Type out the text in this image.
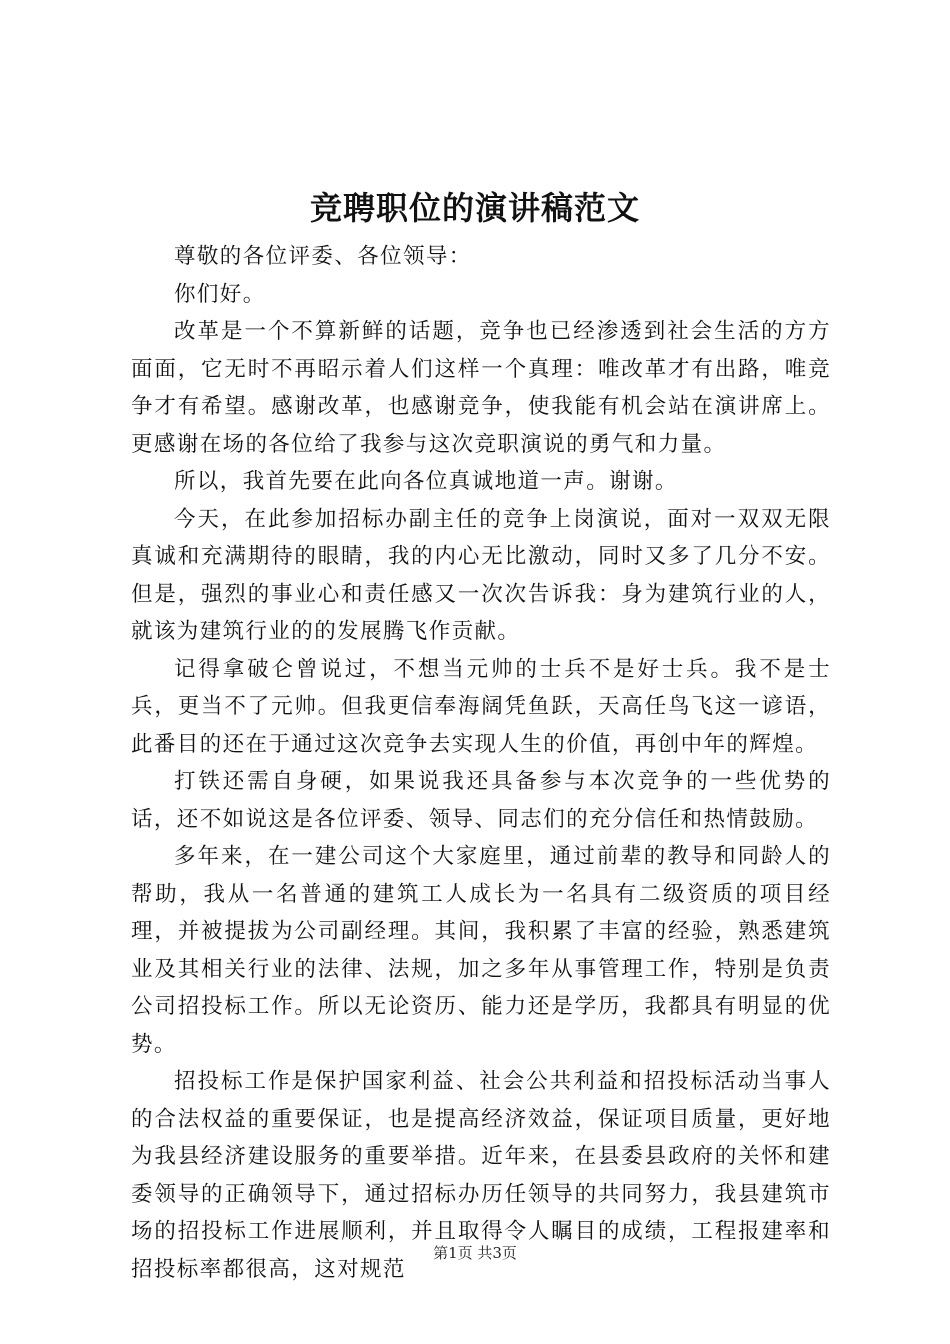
竞聘职位的演讲稿范文

尊敬的各位评委、各位领导：

你们好。

改革是一个不算新鲜的话题，竞争也已经渗透到社会生活的方方面面，它无时不再昭示着人们这样一个真理：唯改革才有出路，唯竞争才有希望。感谢改革，也感谢竞争，使我能有机会站在演讲席上。更感谢在场的各位给了我参与这次竞职演说的勇气和力量。

所以，我首先要在此向各位真诚地道一声。谢谢。

今天，在此参加招标办副主任的竞争上岗演说，面对一双双无限真诚和充满期待的眼睛，我的内心无比激动，同时又多了几分不安。但是，强烈的事业心和责任感又一次次告诉我：身为建筑行业的人，就该为建筑行业的的发展腾飞作贡献。

记得拿破仑曾说过，不想当元帅的士兵不是好士兵。我不是士兵，更当不了元帅。但我更信奉海阔凭鱼跃，天高任鸟飞这一谚语，此番目的还在于通过这次竞争去实现人生的价值，再创中年的辉煌。

打铁还需自身硬，如果说我还具备参与本次竞争的一些优势的话，还不如说这是各位评委、领导、同志们的充分信任和热情鼓励。

多年来，在一建公司这个大家庭里，通过前辈的教导和同龄人的帮助，我从一名普通的建筑工人成长为一名具有二级资质的项目经理，并被提拔为公司副经理。其间，我积累了丰富的经验，熟悉建筑业及其相关行业的法律、法规，加之多年从事管理工作，特别是负责公司招投标工作。所以无论资历、能力还是学历，我都具有明显的优势。

招投标工作是保护国家利益、社会公共利益和招投标活动当事人的合法权益的重要保证，也是提高经济效益，保证项目质量，更好地为我县经济建设服务的重要举措。近年来，在县委县政府的关怀和建委领导的正确领导下，通过招标办历任领导的共同努力，我县建筑市场的招投标工作进展顺利，并且取得令人瞩目的成绩，工程报建率和招投标率都很高，这对规范

第1页 共3页
